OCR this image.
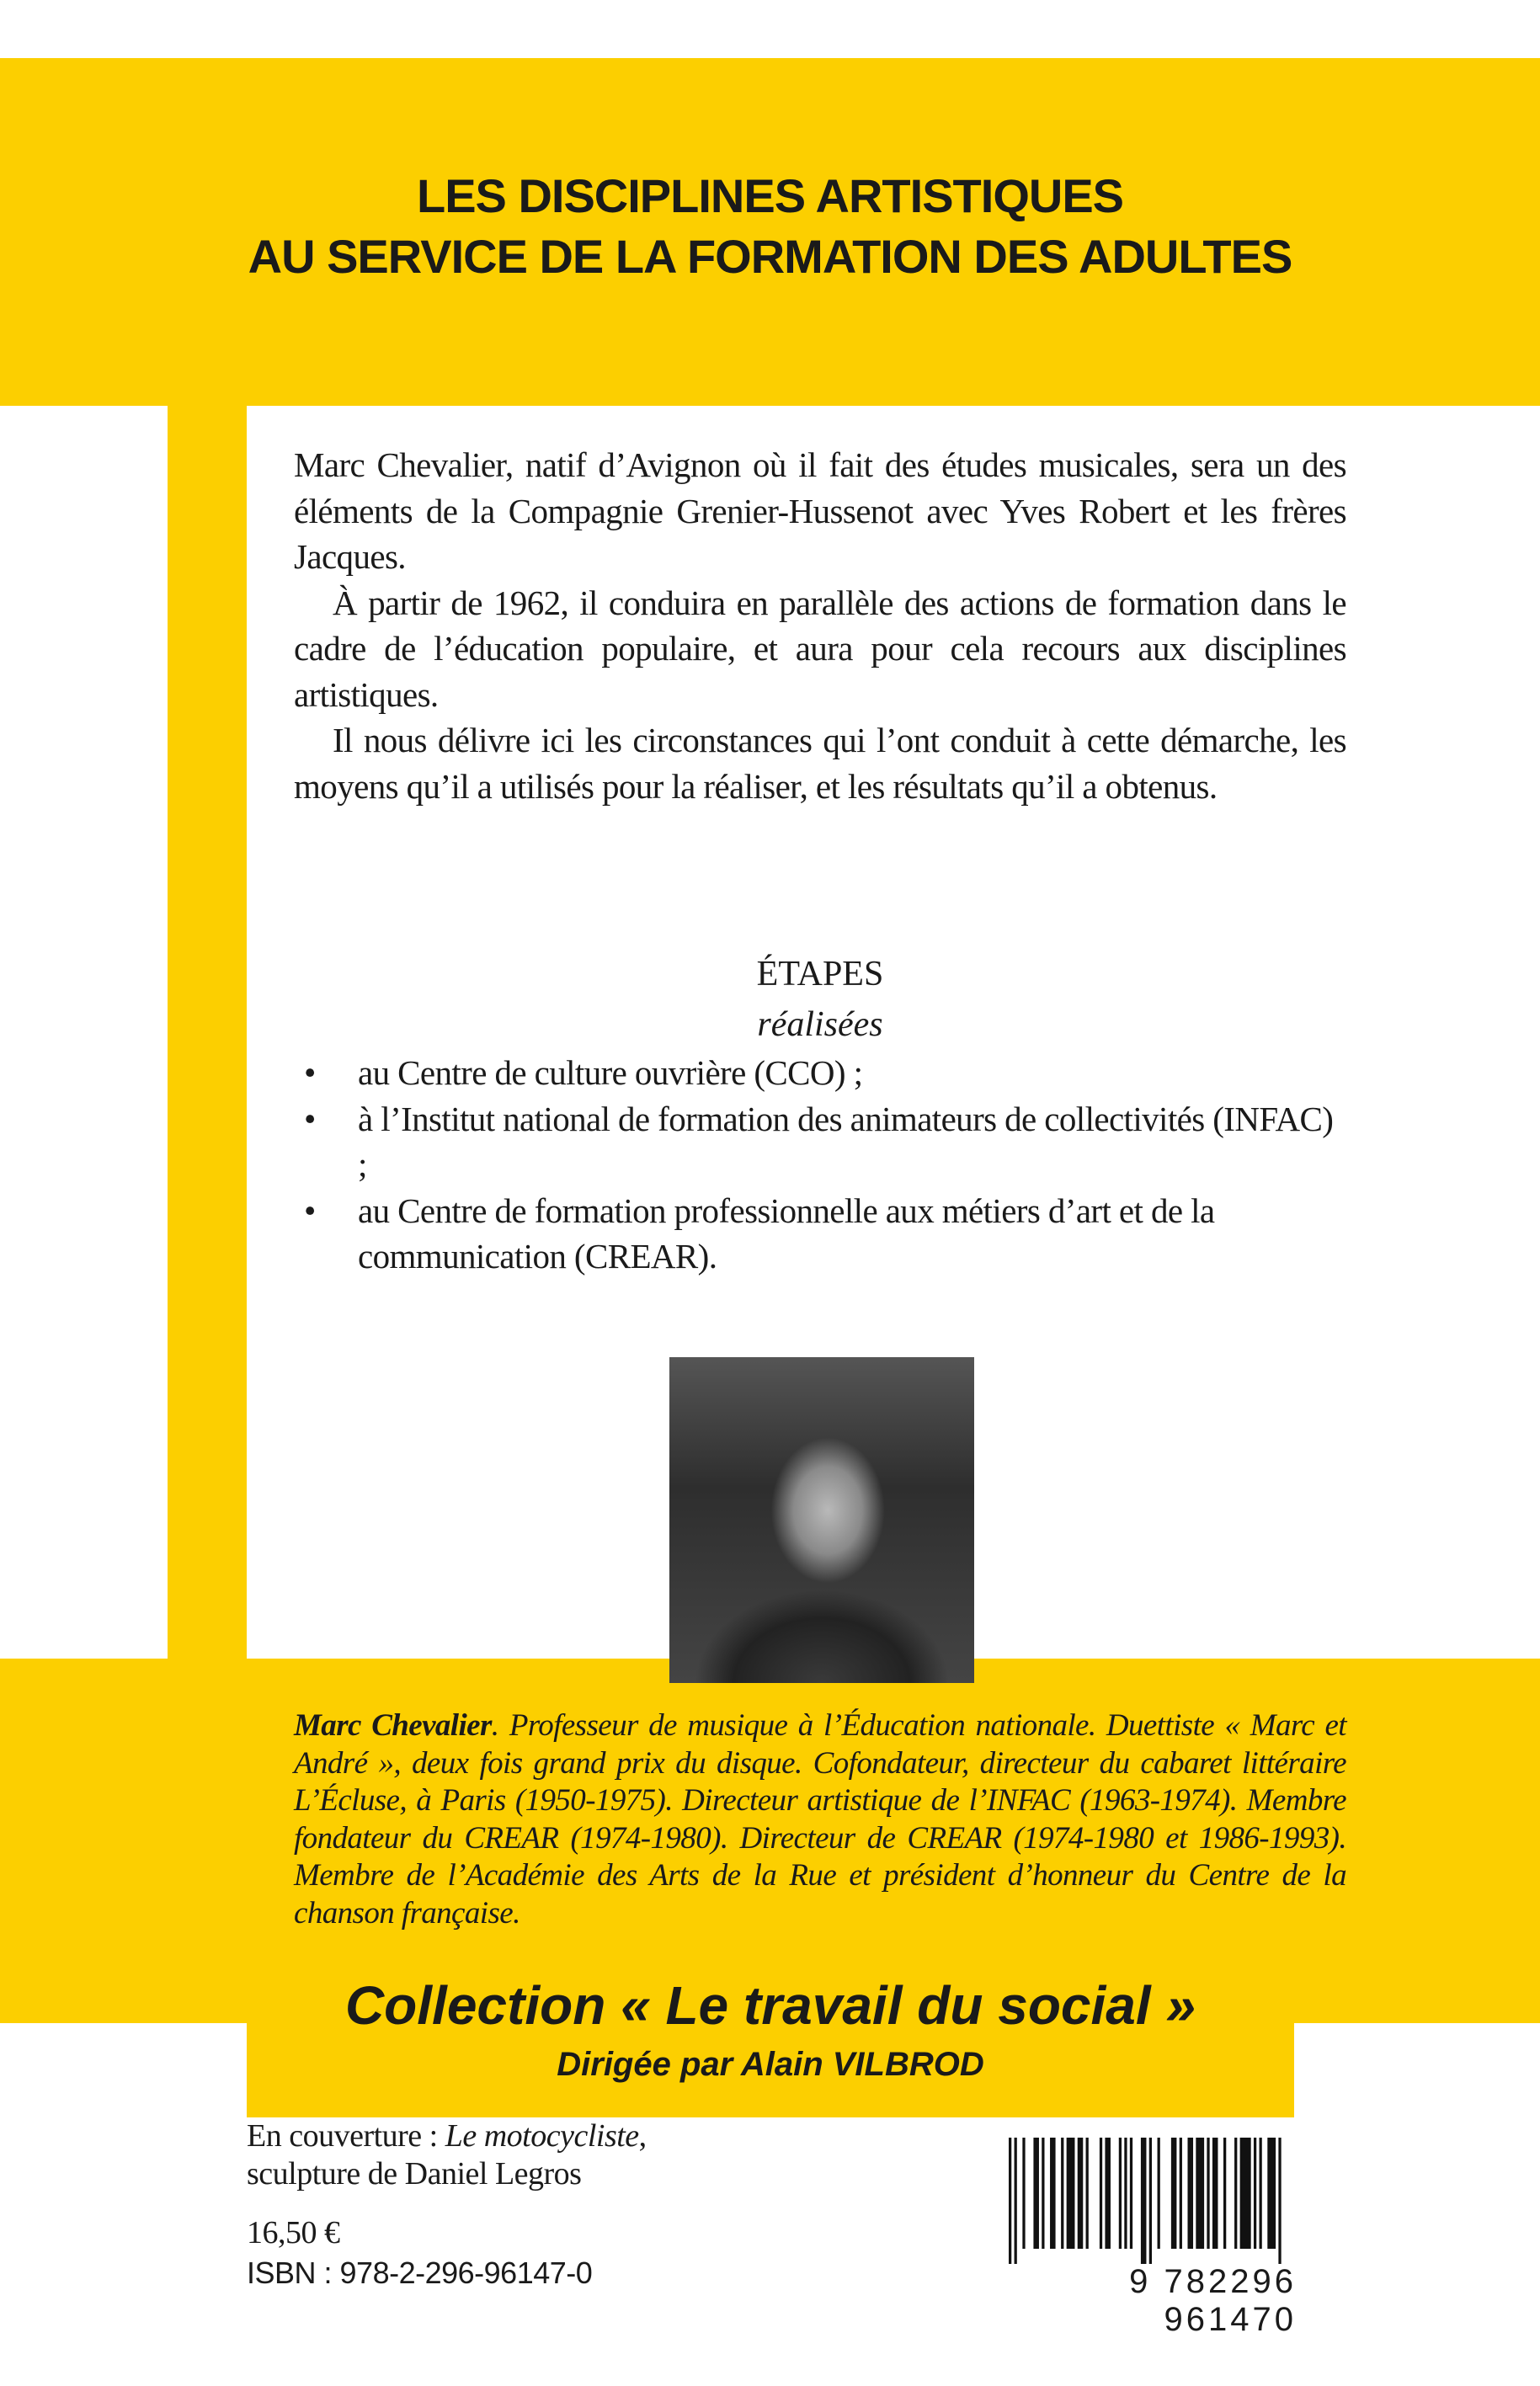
LES DISCIPLINES ARTISTIQUES
AU SERVICE DE LA FORMATION DES ADULTES

Marc Chevalier, natif d’Avignon où il fait des études musicales, sera un des éléments de la Compagnie Grenier-Hussenot avec Yves Robert et les frères Jacques.

À partir de 1962, il conduira en parallèle des actions de formation dans le cadre de l’éducation populaire, et aura pour cela recours aux disciplines artistiques.

Il nous délivre ici les circonstances qui l’ont conduit à cette démarche, les moyens qu’il a utilisés pour la réaliser, et les résultats qu’il a obtenus.

ÉTAPES
réalisées
• au Centre de culture ouvrière (CCO) ;
• à l’Institut national de formation des animateurs de collectivités (INFAC) ;
• au Centre de formation professionnelle aux métiers d’art et de la communication (CREAR).
Marc Chevalier. Professeur de musique à l’Éducation nationale. Duettiste « Marc et André », deux fois grand prix du disque. Cofondateur, directeur du cabaret littéraire L’Écluse, à Paris (1950-1975). Directeur artistique de l’INFAC (1963-1974). Membre fondateur du CREAR (1974-1980). Directeur de CREAR (1974-1980 et 1986-1993). Membre de l’Académie des Arts de la Rue et président d’honneur du Centre de la chanson française.
Collection « Le travail du social »
Dirigée par Alain VILBROD
En couverture : Le motocycliste,
sculpture de Daniel Legros
16,50 €
ISBN : 978-2-296-96147-0	9 782296 961470
